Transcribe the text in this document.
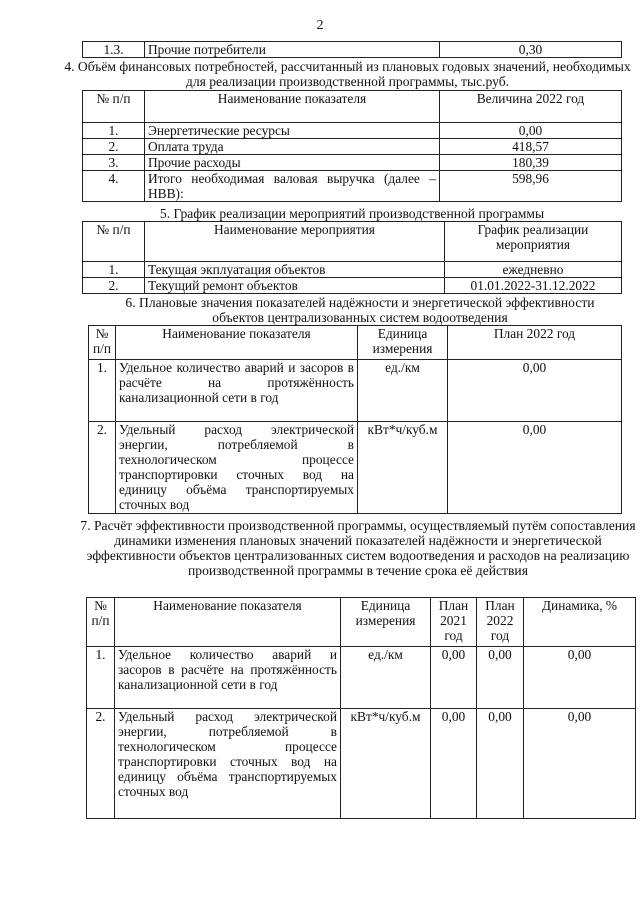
2
1.3.	Прочие потребители	0,30
4. Объём финансовых потребностей, рассчитанный из плановых годовых значений, необходимых для реализации производственной программы, тыс.руб.
№ п/п	Наименование показателя	Величина 2022 год
1.	Энергетические ресурсы	0,00
2.	Оплата труда	418,57
3.	Прочие расходы	180,39
4.	Итого необходимая валовая выручка (далее – НВВ):	598,96
5. График реализации мероприятий производственной программы
№ п/п	Наименование мероприятия	График реализации мероприятия
1.	Текущая экплуатация объектов	ежедневно
2.	Текущий ремонт объектов	01.01.2022-31.12.2022
6. Плановые значения показателей надёжности и энергетической эффективности объектов централизованных систем водоотведения
№ п/п	Наименование показателя	Единица измерения	План 2022 год
1.	Удельное количество аварий и засоров в расчёте на протяжённость канализационной сети в год	ед./км	0,00
2.	Удельный расход электрической энергии, потребляемой в технологическом процессе транспортировки сточных вод на единицу объёма транспортируемых сточных вод	кВт*ч/куб.м	0,00
7. Расчёт эффективности производственной программы, осуществляемый путём сопоставления динамики изменения плановых значений показателей надёжности и энергетической эффективности объектов централизованных систем водоотведения и расходов на реализацию производственной программы в течение срока её действия
№ п/п	Наименование показателя	Единица измерения	План 2021 год	План 2022 год	Динамика, %
1.	Удельное количество аварий и засоров в расчёте на протяжённость канализационной сети в год	ед./км	0,00	0,00	0,00
2.	Удельный расход электрической энергии, потребляемой в технологическом процессе транспортировки сточных вод на единицу объёма транспортируемых сточных вод	кВт*ч/куб.м	0,00	0,00	0,00
